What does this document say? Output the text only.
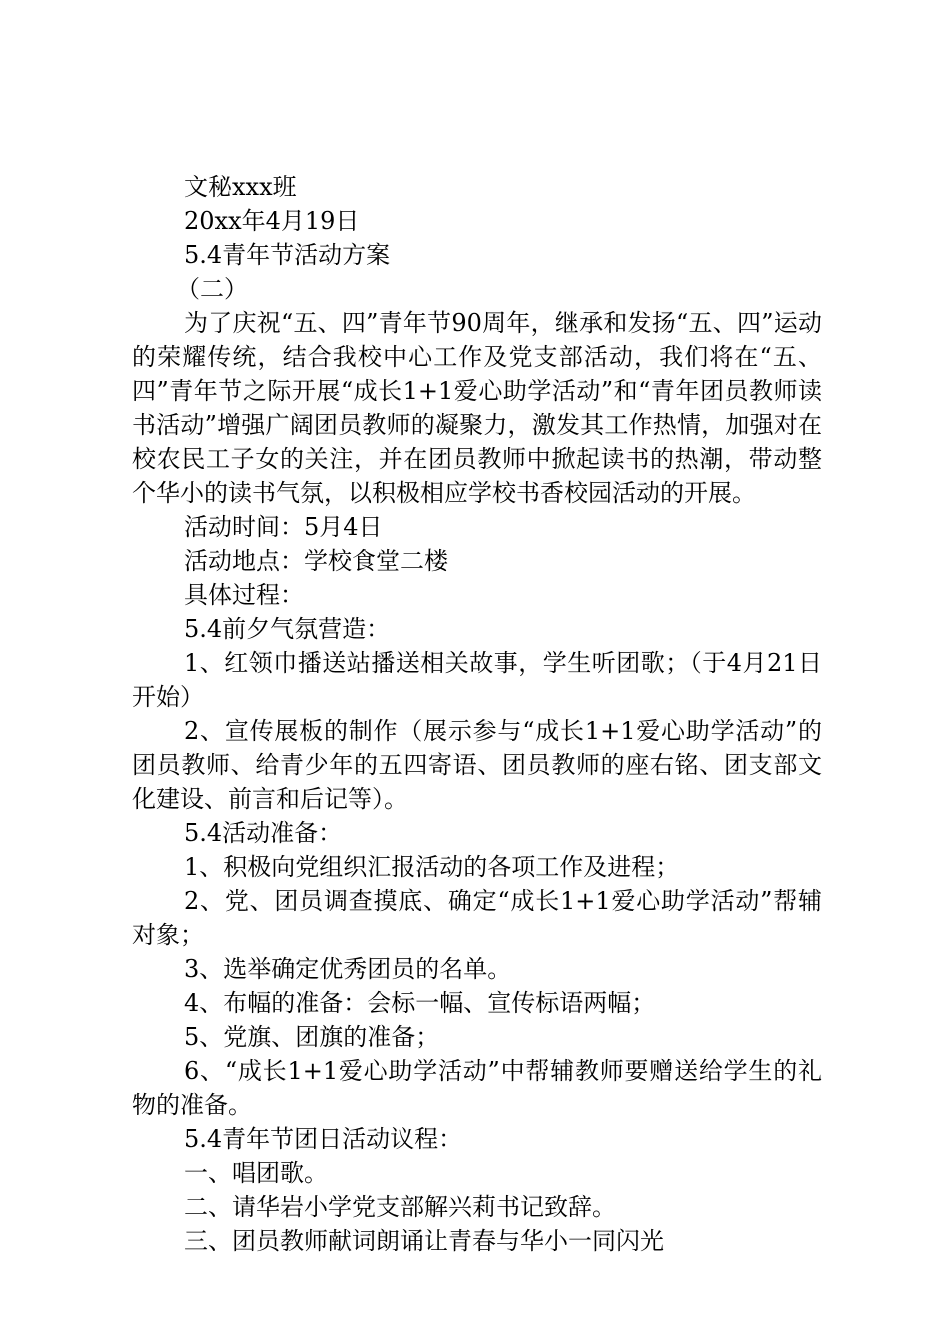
文秘xxx班

20xx年4月19日

5.4青年节活动方案

（二）

为了庆祝“五、四”青年节90周年，继承和发扬“五、四”运动的荣耀传统，结合我校中心工作及党支部活动，我们将在“五、四”青年节之际开展“成长1+1爱心助学活动”和“青年团员教师读书活动”增强广阔团员教师的凝聚力，激发其工作热情，加强对在校农民工子女的关注，并在团员教师中掀起读书的热潮，带动整个华小的读书气氛，以积极相应学校书香校园活动的开展。

活动时间：5月4日

活动地点：学校食堂二楼

具体过程：

5.4前夕气氛营造：

1、红领巾播送站播送相关故事，学生听团歌；（于4月21日开始）

2、宣传展板的制作（展示参与“成长1+1爱心助学活动”的团员教师、给青少年的五四寄语、团员教师的座右铭、团支部文化建设、前言和后记等）。

5.4活动准备：

1、积极向党组织汇报活动的各项工作及进程；

2、党、团员调查摸底、确定“成长1+1爱心助学活动”帮辅对象；

3、选举确定优秀团员的名单。

4、布幅的准备：会标一幅、宣传标语两幅；

5、党旗、团旗的准备；

6、“成长1+1爱心助学活动”中帮辅教师要赠送给学生的礼物的准备。

5.4青年节团日活动议程：

一、唱团歌。

二、请华岩小学党支部解兴莉书记致辞。

三、团员教师献词朗诵让青春与华小一同闪光
